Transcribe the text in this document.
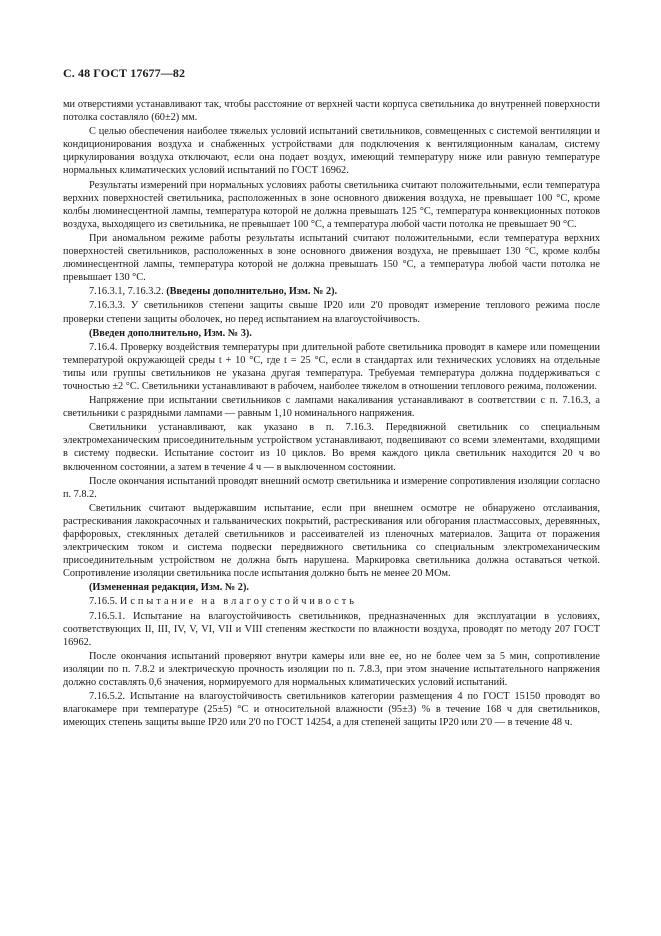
С. 48 ГОСТ 17677—82

ми отверстиями устанавливают так, чтобы расстояние от верхней части корпуса светильника до внутренней поверхности потолка составляло (60±2) мм.

С целью обеспечения наиболее тяжелых условий испытаний светильников, совмещенных с системой вентиляции и кондиционирования воздуха и снабженных устройствами для подключения к вентиляционным каналам, систему циркулирования воздуха отключают, если она подает воздух, имеющий температуру ниже или равную температуре нормальных климатических условий испытаний по ГОСТ 16962.

Результаты измерений при нормальных условиях работы светильника считают положительными, если температура верхних поверхностей светильника, расположенных в зоне основного движения воздуха, не превышает 100 °С, кроме колбы люминесцентной лампы, температура которой не должна превышать 125 °С, температура конвекционных потоков воздуха, выходящего из светильника, не превышает 100 °С, а температура любой части потолка не превышает 90 °С.

При аномальном режиме работы результаты испытаний считают положительными, если температура верхних поверхностей светильников, расположенных в зоне основного движения воздуха, не превышает 130 °С, кроме колбы люминесцентной лампы, температура которой не должна превышать 150 °С, а температура любой части потолка не превышает 130 °С.

7.16.3.1, 7.16.3.2. (Введены дополнительно, Изм. № 2).

7.16.3.3. У светильников степени защиты свыше IP20 или 2'0 проводят измерение теплового режима после проверки степени защиты оболочек, но перед испытанием на влагоустойчивость.

(Введен дополнительно, Изм. № 3).

7.16.4. Проверку воздействия температуры при длительной работе светильника проводят в камере или помещении температурой окружающей среды t + 10 °С, где t = 25 °С, если в стандартах или технических условиях на отдельные типы или группы светильников не указана другая температура. Требуемая температура должна поддерживаться с точностью ±2 °С. Светильники устанавливают в рабочем, наиболее тяжелом в отношении теплового режима, положении.

Напряжение при испытании светильников с лампами накаливания устанавливают в соответствии с п. 7.16.3, а светильники с разрядными лампами — равным 1,10 номинального напряжения.

Светильники устанавливают, как указано в п. 7.16.3. Передвижной светильник со специальным электромеханическим присоединительным устройством устанавливают, подвешивают со всеми элементами, входящими в систему подвески. Испытание состоит из 10 циклов. Во время каждого цикла светильник находится 20 ч во включенном состоянии, а затем в течение 4 ч — в выключенном состоянии.

После окончания испытаний проводят внешний осмотр светильника и измерение сопротивления изоляции согласно п. 7.8.2.

Светильник считают выдержавшим испытание, если при внешнем осмотре не обнаружено отслаивания, растрескивания лакокрасочных и гальванических покрытий, растрескивания или обгорания пластмассовых, деревянных, фарфоровых, стеклянных деталей светильников и рассеивателей из пленочных материалов. Защита от поражения электрическим током и система подвески передвижного светильника со специальным электромеханическим присоединительным устройством не должна быть нарушена. Маркировка светильника должна оставаться четкой. Сопротивление изоляции светильника после испытания должно быть не менее 20 МОм.

(Измененная редакция, Изм. № 2).

7.16.5. Испытание на влагоустойчивость

7.16.5.1. Испытание на влагоустойчивость светильников, предназначенных для эксплуатации в условиях, соответствующих II, III, IV, V, VI, VII и VIII степеням жесткости по влажности воздуха, проводят по методу 207 ГОСТ 16962.

После окончания испытаний проверяют внутри камеры или вне ее, но не более чем за 5 мин, сопротивление изоляции по п. 7.8.2 и электрическую прочность изоляции по п. 7.8.3, при этом значение испытательного напряжения должно составлять 0,6 значения, нормируемого для нормальных климатических условий испытаний.

7.16.5.2. Испытание на влагоустойчивость светильников категории размещения 4 по ГОСТ 15150 проводят во влагокамере при температуре (25±5) °С и относительной влажности (95±3) % в течение 168 ч для светильников, имеющих степень защиты выше IP20 или 2'0 по ГОСТ 14254, а для степеней защиты IP20 или 2'0 — в течение 48 ч.
